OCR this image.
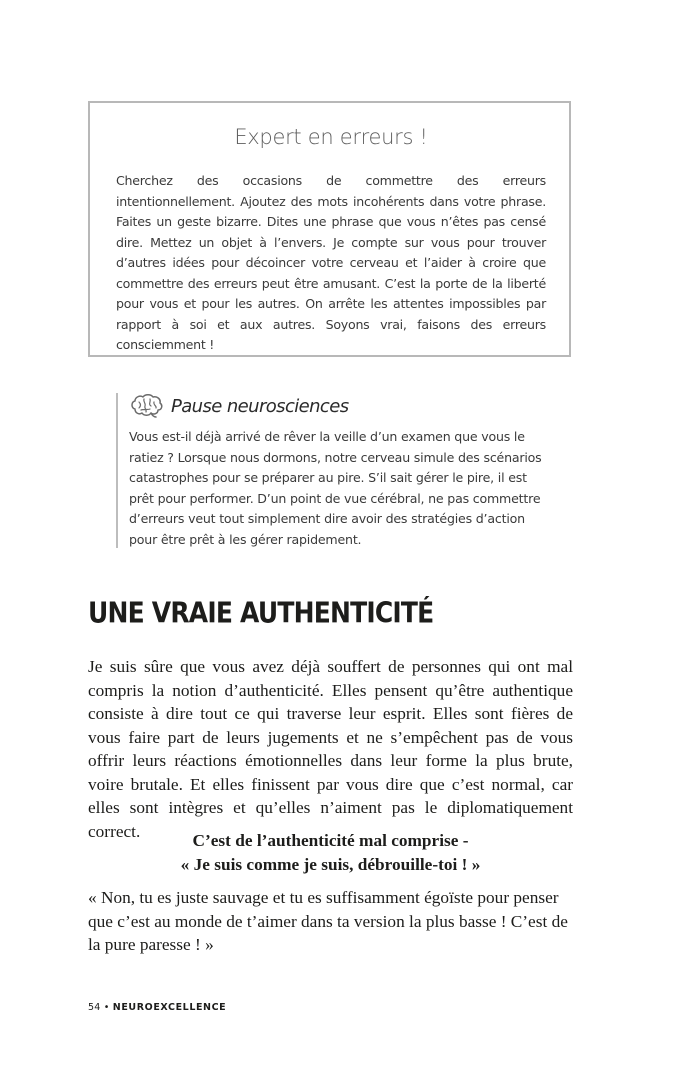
Expert en erreurs !

Cherchez des occasions de commettre des erreurs intentionnellement. Ajoutez des mots incohérents dans votre phrase. Faites un geste bizarre. Dites une phrase que vous n’êtes pas censé dire. Mettez un objet à l’envers. Je compte sur vous pour trouver d’autres idées pour décoincer votre cerveau et l’aider à croire que commettre des erreurs peut être amusant. C’est la porte de la liberté pour vous et pour les autres. On arrête les attentes impossibles par rapport à soi et aux autres. Soyons vrai, faisons des erreurs consciemment !

Pause neurosciences

Vous est-il déjà arrivé de rêver la veille d’un examen que vous le ratiez ? Lorsque nous dormons, notre cerveau simule des scénarios catastrophes pour se préparer au pire. S’il sait gérer le pire, il est prêt pour performer. D’un point de vue cérébral, ne pas commettre d’erreurs veut tout simplement dire avoir des stratégies d’action pour être prêt à les gérer rapidement.

UNE VRAIE AUTHENTICITÉ

Je suis sûre que vous avez déjà souffert de personnes qui ont mal compris la notion d’authenticité. Elles pensent qu’être authentique consiste à dire tout ce qui traverse leur esprit. Elles sont fières de vous faire part de leurs jugements et ne s’empêchent pas de vous offrir leurs réactions émotionnelles dans leur forme la plus brute, voire brutale. Et elles finissent par vous dire que c’est normal, car elles sont intègres et qu’elles n’aiment pas le diplomatiquement correct.	C’est de l’authenticité mal comprise -
« Je suis comme je suis, débrouille-toi ! »

« Non, tu es juste sauvage et tu es suffisamment égoïste pour penser que c’est au monde de t’aimer dans ta version la plus basse ! C’est de la pure paresse ! »

54 • NEUROEXCELLENCE
